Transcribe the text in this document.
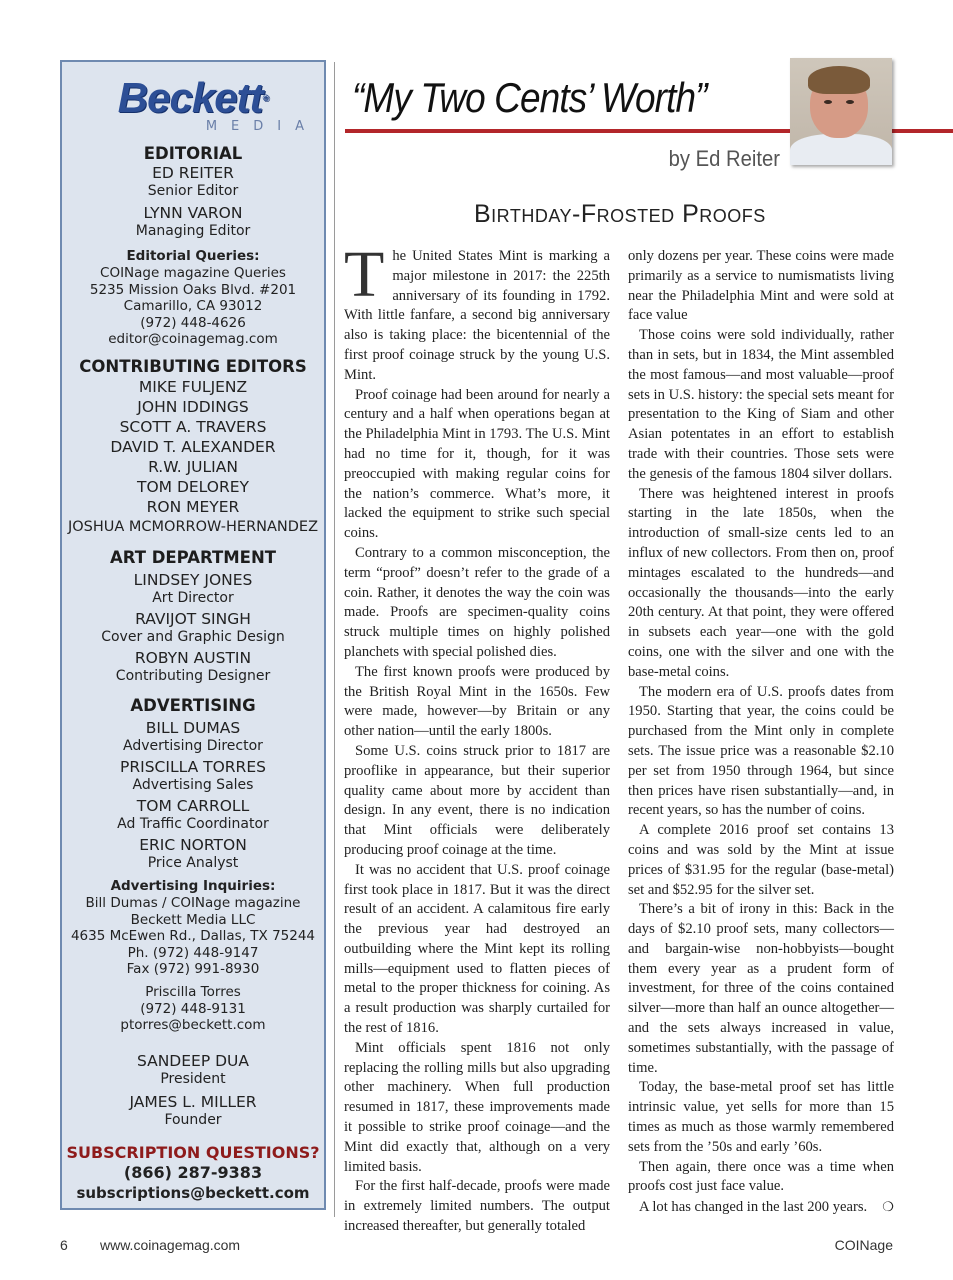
Beckett®
MEDIA
EDITORIAL
ED REITER
Senior Editor
LYNN VARON
Managing Editor
Editorial Queries:
COINage magazine Queries
5235 Mission Oaks Blvd. #201
Camarillo, CA 93012
(972) 448-4626
editor@coinagemag.com
CONTRIBUTING EDITORS
MIKE FULJENZ
JOHN IDDINGS
SCOTT A. TRAVERS
DAVID T. ALEXANDER
R.W. JULIAN
TOM DELOREY
RON MEYER
JOSHUA MCMORROW-HERNANDEZ
ART DEPARTMENT
LINDSEY JONES
Art Director
RAVIJOT SINGH
Cover and Graphic Design
ROBYN AUSTIN
Contributing Designer
ADVERTISING
BILL DUMAS
Advertising Director
PRISCILLA TORRES
Advertising Sales
TOM CARROLL
Ad Traffic Coordinator
ERIC NORTON
Price Analyst
Advertising Inquiries:
Bill Dumas / COINage magazine
Beckett Media LLC
4635 McEwen Rd., Dallas, TX 75244
Ph. (972) 448-9147
Fax (972) 991-8930
Priscilla Torres
(972) 448-9131
ptorres@beckett.com
SANDEEP DUA
President
JAMES L. MILLER
Founder
SUBSCRIPTION QUESTIONS?
(866) 287-9383
subscriptions@beckett.com
“My Two Cents’ Worth”
by Ed Reiter
Birthday-Frosted Proofs

The United States Mint is marking a major milestone in 2017: the 225th anniversary of its founding in 1792. With little fanfare, a second big anniversary also is taking place: the bicentennial of the first proof coinage struck by the young U.S. Mint.

Proof coinage had been around for nearly a century and a half when operations began at the Philadelphia Mint in 1793. The U.S. Mint had no time for it, though, for it was preoccupied with making regular coins for the nation’s commerce. What’s more, it lacked the equipment to strike such special coins.

Contrary to a common misconception, the term “proof” doesn’t refer to the grade of a coin. Rather, it denotes the way the coin was made. Proofs are specimen-quality coins struck multiple times on highly polished planchets with special polished dies.

The first known proofs were produced by the British Royal Mint in the 1650s. Few were made, however—by Britain or any other nation—until the early 1800s.

Some U.S. coins struck prior to 1817 are prooflike in appearance, but their superior quality came about more by accident than design. In any event, there is no indication that Mint officials were deliberately producing proof coinage at the time.

It was no accident that U.S. proof coinage first took place in 1817. But it was the direct result of an accident. A calamitous fire early the previous year had destroyed an outbuilding where the Mint kept its rolling mills—equipment used to flatten pieces of metal to the proper thickness for coining. As a result production was sharply curtailed for the rest of 1816.

Mint officials spent 1816 not only replacing the rolling mills but also upgrading other machinery. When full production resumed in 1817, these improvements made it possible to strike proof coinage—and the Mint did exactly that, although on a very limited basis.

For the first half-decade, proofs were made in extremely limited numbers. The output increased thereafter, but generally totaled

only dozens per year. These coins were made primarily as a service to numismatists living near the Philadelphia Mint and were sold at face value

Those coins were sold individually, rather than in sets, but in 1834, the Mint assembled the most famous—and most valuable—proof sets in U.S. history: the special sets meant for presentation to the King of Siam and other Asian potentates in an effort to establish trade with their countries. Those sets were the genesis of the famous 1804 silver dollars.

There was heightened interest in proofs starting in the late 1850s, when the introduction of small-size cents led to an influx of new collectors. From then on, proof mintages escalated to the hundreds—and occasionally the thousands—into the early 20th century. At that point, they were offered in subsets each year—one with the gold coins, one with the silver and one with the base-metal coins.

The modern era of U.S. proofs dates from 1950. Starting that year, the coins could be purchased from the Mint only in complete sets. The issue price was a reasonable $2.10 per set from 1950 through 1964, but since then prices have risen substantially—and, in recent years, so has the number of coins.

A complete 2016 proof set contains 13 coins and was sold by the Mint at issue prices of $31.95 for the regular (base-metal) set and $52.95 for the silver set.

There’s a bit of irony in this: Back in the days of $2.10 proof sets, many collectors—and bargain-wise non-hobbyists—bought them every year as a prudent form of investment, for three of the coins contained silver—more than half an ounce altogether—and the sets always increased in value, sometimes substantially, with the passage of time.

Today, the base-metal proof set has little intrinsic value, yet sells for more than 15 times as much as those warmly remembered sets from the ’50s and early ’60s.

Then again, there once was a time when proofs cost just face value.

A lot has changed in the last 200 years. ❍

6 www.coinagemag.com	COINage
